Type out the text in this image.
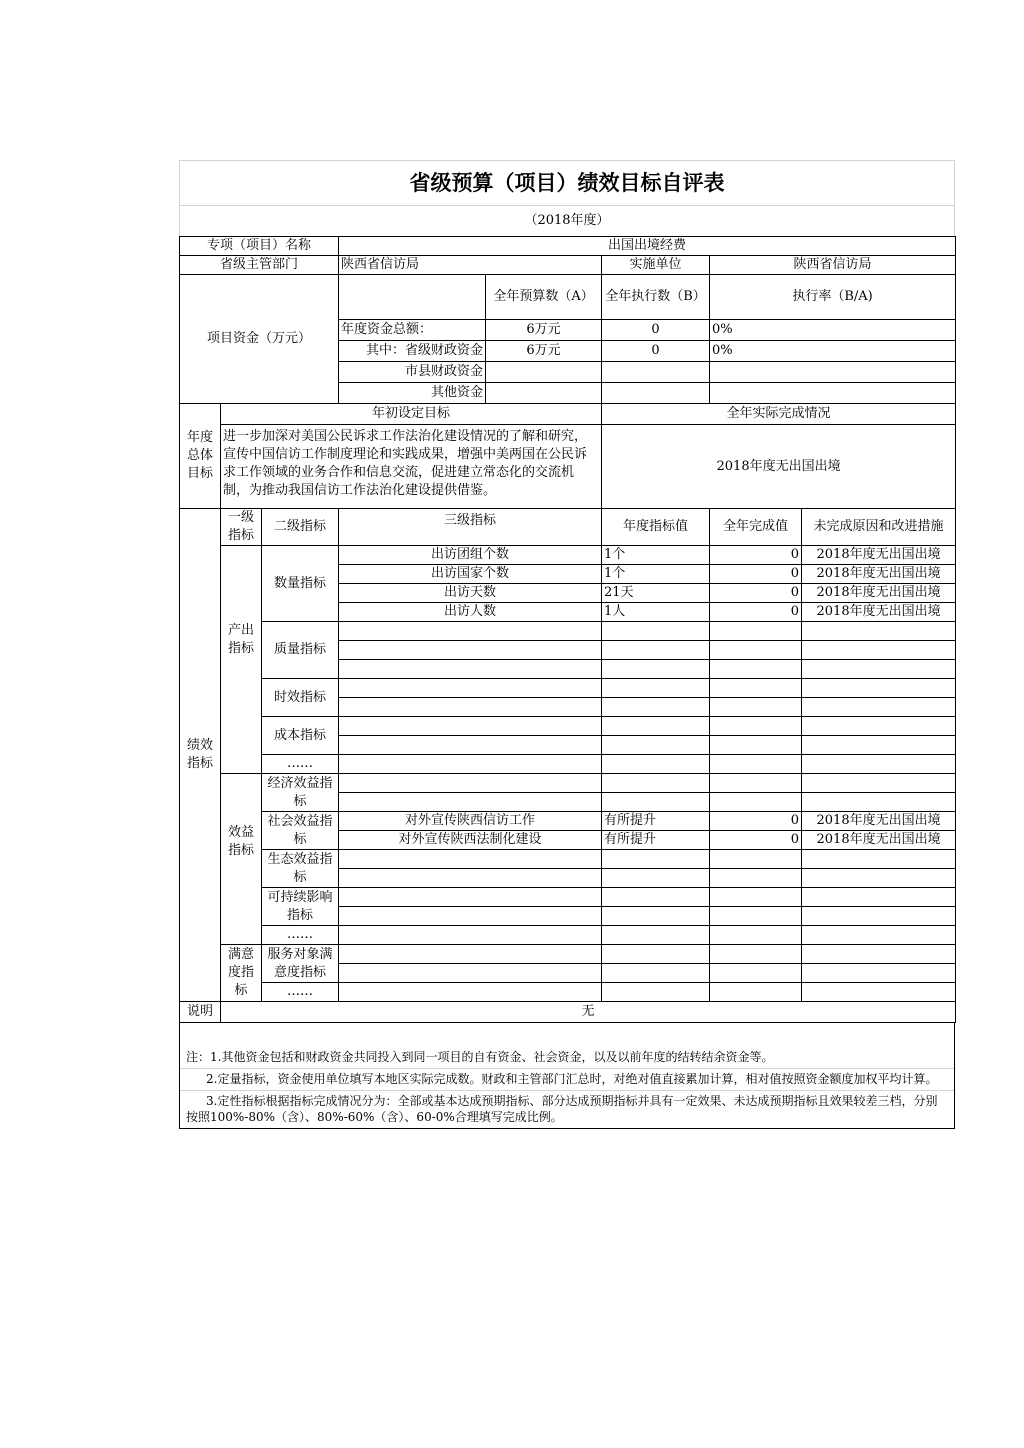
省级预算（项目）绩效目标自评表
（2018年度）
专项（项目）名称			出国出境经费				
省级主管部门			陕西省信访局		实施单位	陕西省信访局	
项目资金（万元）				全年预算数（A）	全年执行数（B）	执行率（B/A)	
			年度资金总额：	6万元	0	0%	
			其中：省级财政资金	6万元	0	0%	
			市县财政资金				
			其他资金				
年度总体目标	年初设定目标				全年实际完成情况		
	进一步加深对美国公民诉求工作法治化建设情况的了解和研究，宣传中国信访工作制度理论和实践成果，增强中美两国在公民诉求工作领域的业务合作和信息交流，促进建立常态化的交流机制，为推动我国信访工作法治化建设提供借鉴。				2018年度无出国出境		
绩效指标	一级指标	二级指标	三级指标		年度指标值	全年完成值	未完成原因和改进措施
	产出指标	数量指标	出访团组个数		1个	0	2018年度无出国出境
			出访国家个数		1个	0	2018年度无出国出境
			出访天数		21天	0	2018年度无出国出境
			出访人数		1人	0	2018年度无出国出境
		质量指标					

		时效指标					

		成本指标					

		……					
	效益指标	经济效益指标					

		社会效益指标	对外宣传陕西信访工作		有所提升	0	2018年度无出国出境
			对外宣传陕西法制化建设		有所提升	0	2018年度无出国出境
		生态效益指标					

		可持续影响指标					

		……					
	满意度指标	服务对象满意度指标					

		……					
说明	无						

注：1.其他资金包括和财政资金共同投入到同一项目的自有资金、社会资金，以及以前年度的结转结余资金等。

2.定量指标，资金使用单位填写本地区实际完成数。财政和主管部门汇总时，对绝对值直接累加计算，相对值按照资金额度加权平均计算。

3.定性指标根据指标完成情况分为：全部或基本达成预期指标、部分达成预期指标并具有一定效果、未达成预期指标且效果较差三档，分别按照100%-80%（含）、80%-60%（含）、60-0%合理填写完成比例。
